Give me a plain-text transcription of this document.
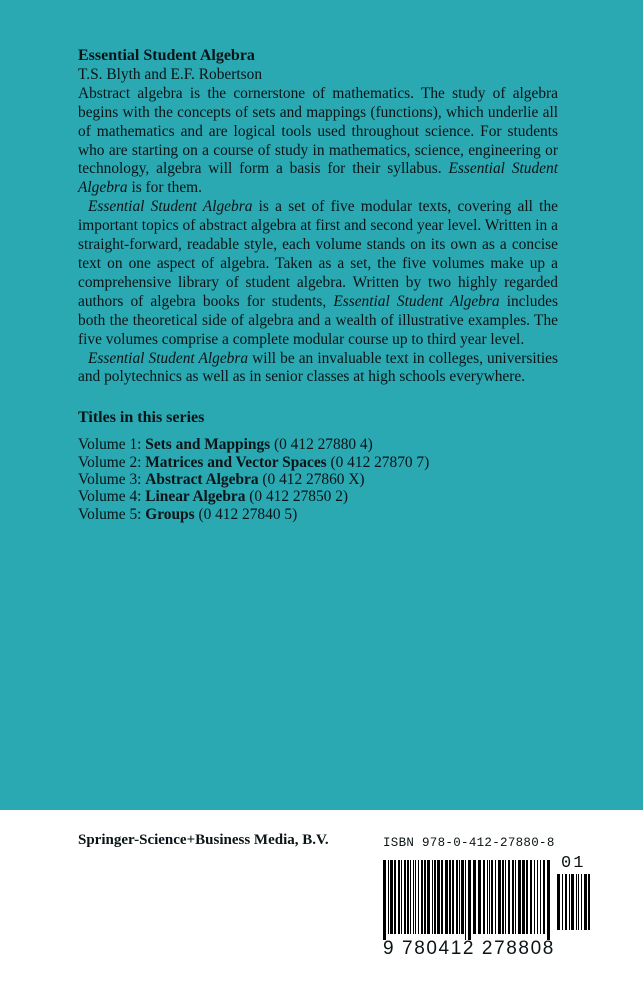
Essential Student Algebra

T.S. Blyth and E.F. Robertson

Abstract algebra is the cornerstone of mathematics. The study of algebra begins with the concepts of sets and mappings (functions), which underlie all of mathematics and are logical tools used throughout science. For students who are starting on a course of study in mathematics, science, engineering or technology, algebra will form a basis for their syllabus. Essential Student Algebra is for them.

Essential Student Algebra is a set of five modular texts, covering all the important topics of abstract algebra at first and second year level. Written in a straight-forward, readable style, each volume stands on its own as a concise text on one aspect of algebra. Taken as a set, the five volumes make up a comprehensive library of student algebra. Written by two highly regarded authors of algebra books for students, Essential Student Algebra includes both the theoretical side of algebra and a wealth of illustrative examples. The five volumes comprise a complete modular course up to third year level.

Essential Student Algebra will be an invaluable text in colleges, universities and polytechnics as well as in senior classes at high schools everywhere.

Titles in this series

Volume 1: Sets and Mappings (0 412 27880 4)

Volume 2: Matrices and Vector Spaces (0 412 27870 7)

Volume 3: Abstract Algebra (0 412 27860 X)

Volume 4: Linear Algebra (0 412 27850 2)

Volume 5: Groups (0 412 27840 5)

Springer-Science+Business Media, B.V.	ISBN 978-0-412-27880-8
01
9 780412 278808
